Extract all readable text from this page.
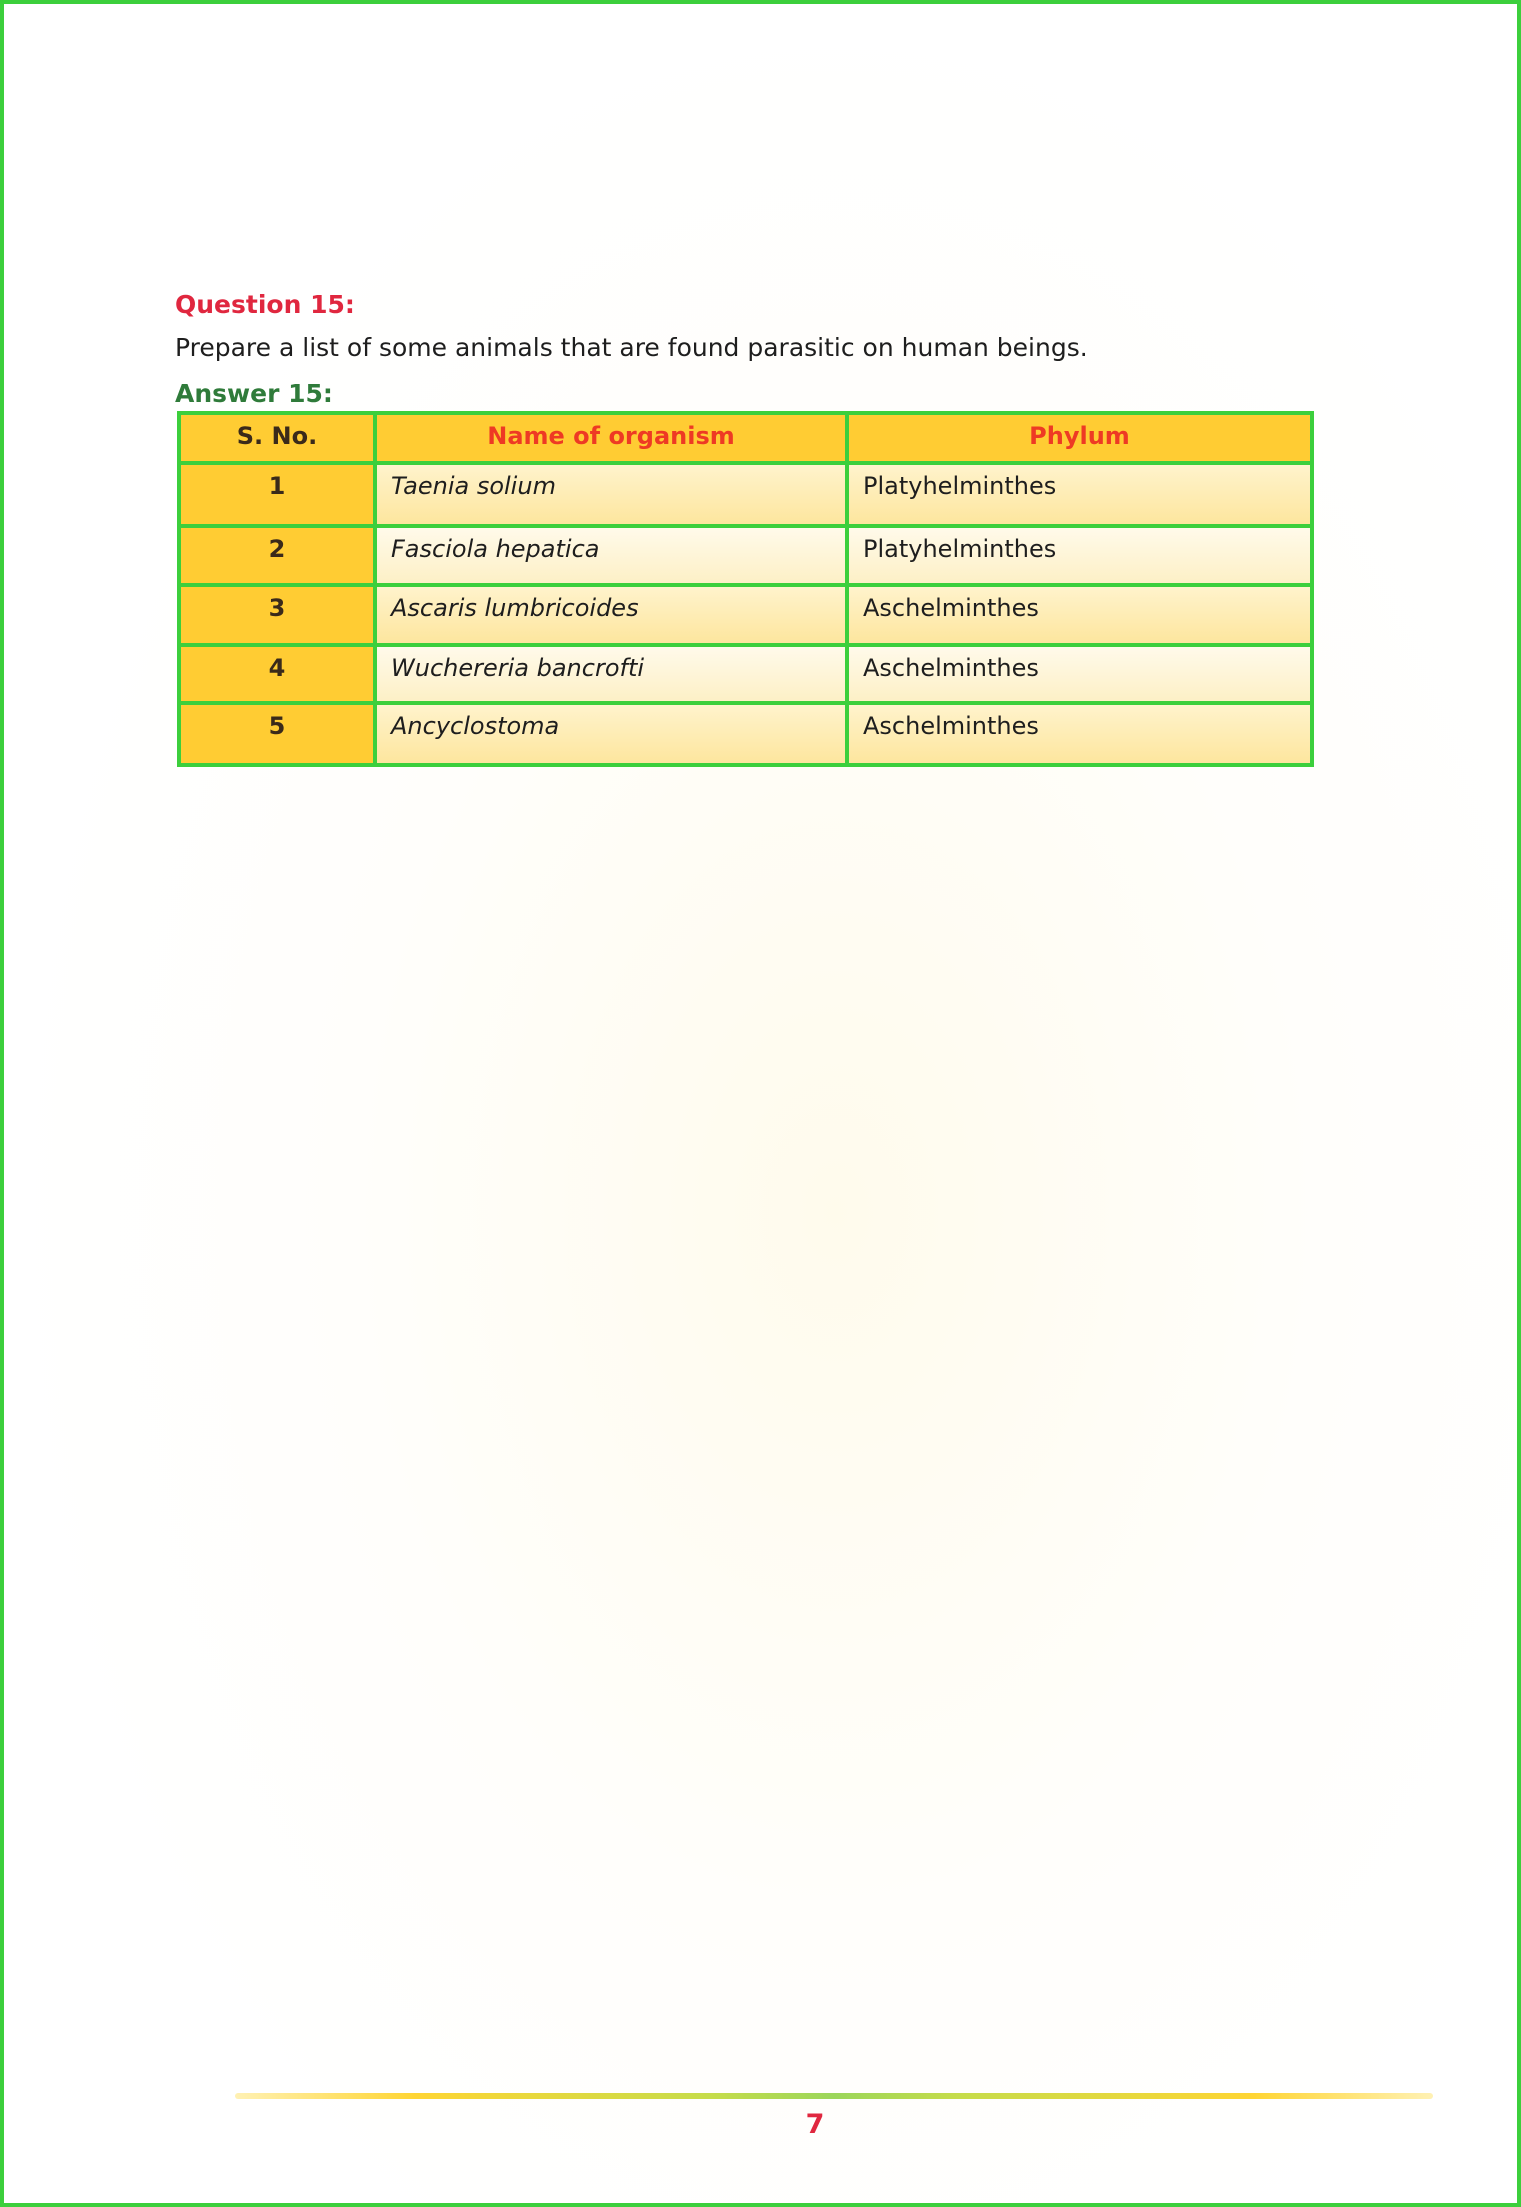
Question 15:
Prepare a list of some animals that are found parasitic on human beings.
Answer 15:
S. No.	Name of organism	Phylum
1	Taenia solium	Platyhelminthes
2	Fasciola hepatica	Platyhelminthes
3	Ascaris lumbricoides	Aschelminthes
4	Wuchereria bancrofti	Aschelminthes
5	Ancyclostoma	Aschelminthes
7
